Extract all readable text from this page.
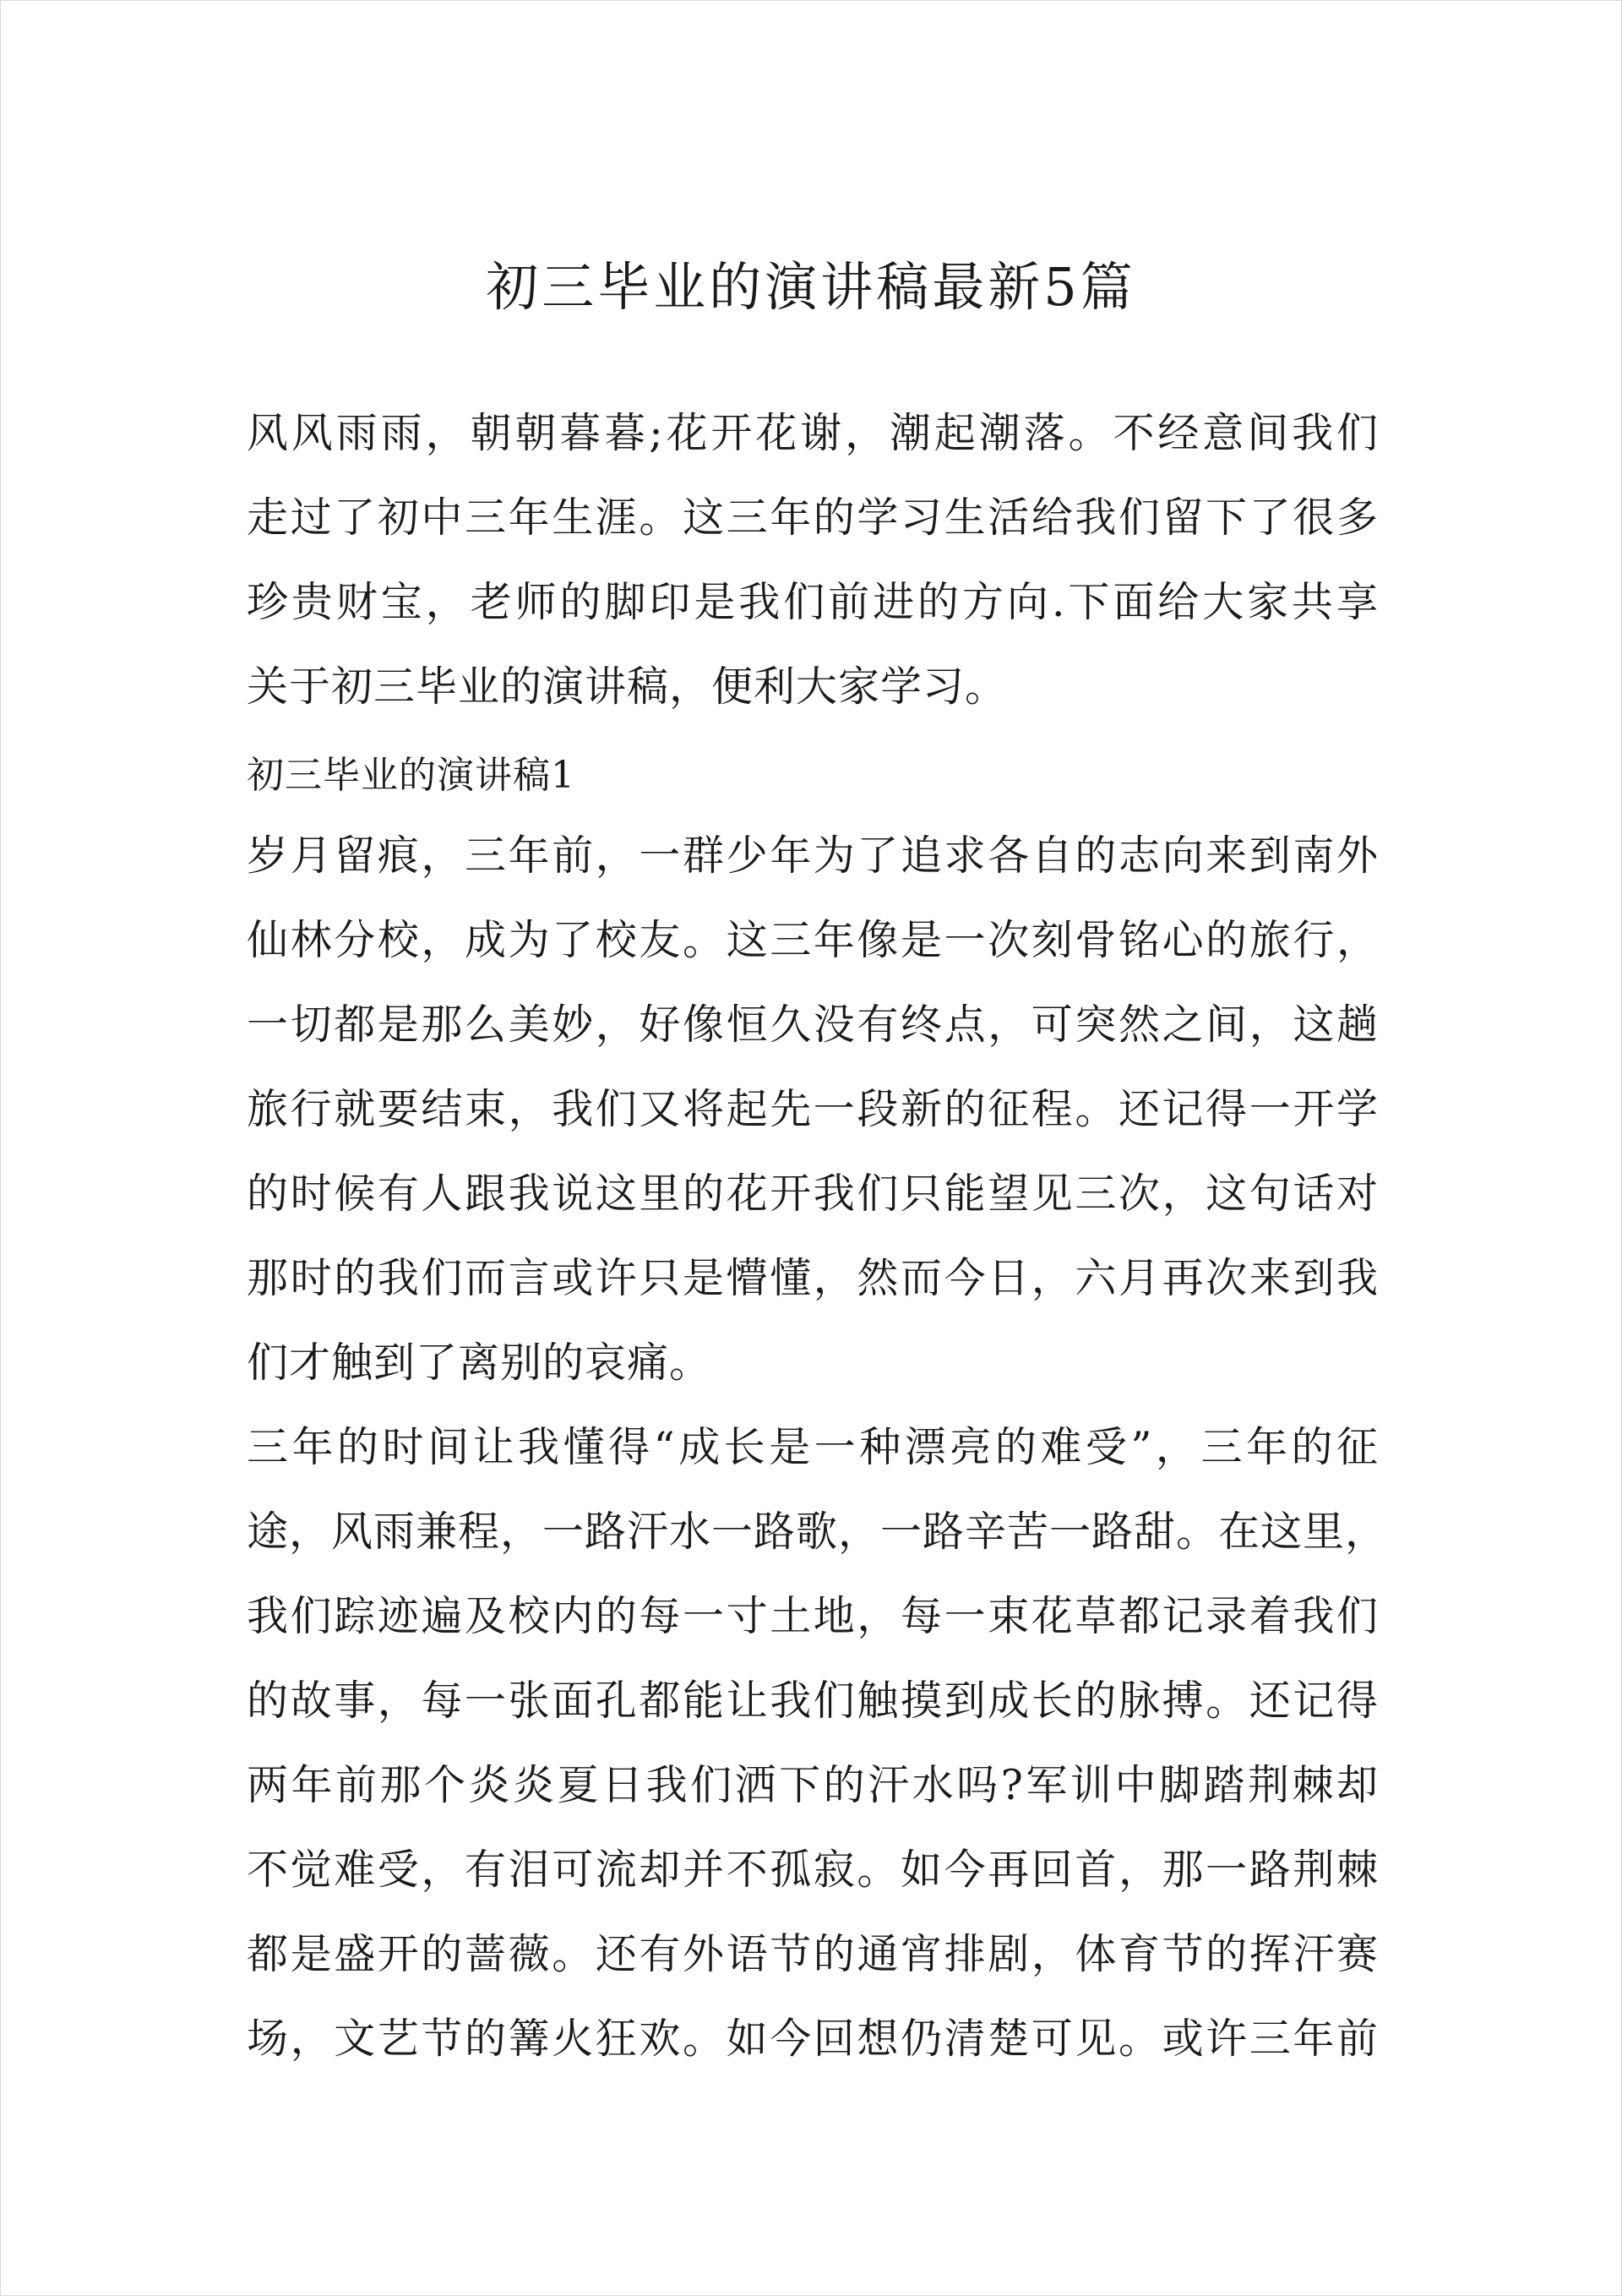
初三毕业的演讲稿最新5篇
风风雨雨，朝朝暮暮;花开花谢，潮起潮落。不经意间我们
走过了初中三年生涯。这三年的学习生活给我们留下了很多
珍贵财宝，老师的脚印是我们前进的方向.下面给大家共享
关于初三毕业的演讲稿，便利大家学习。
初三毕业的演讲稿1
岁月留痕，三年前，一群少年为了追求各自的志向来到南外
仙林分校，成为了校友。这三年像是一次刻骨铭心的旅行，
一切都是那么美妙，好像恒久没有终点，可突然之间，这趟
旅行就要结束，我们又将起先一段新的征程。还记得一开学
的时候有人跟我说这里的花开我们只能望见三次，这句话对
那时的我们而言或许只是懵懂，然而今日，六月再次来到我
们才触到了离别的哀痛。
三年的时间让我懂得“成长是一种漂亮的难受”，三年的征
途，风雨兼程，一路汗水一路歌，一路辛苦一路甜。在这里，
我们踪迹遍及校内的每一寸土地，每一束花草都记录着我们
的故事，每一张面孔都能让我们触摸到成长的脉搏。还记得
两年前那个炎炎夏日我们洒下的汗水吗?军训中脚踏荆棘却
不觉难受，有泪可流却并不孤寂。如今再回首，那一路荆棘
都是盛开的蔷薇。还有外语节的通宵排剧，体育节的挥汗赛
场，文艺节的篝火狂欢。如今回想仍清楚可见。或许三年前
